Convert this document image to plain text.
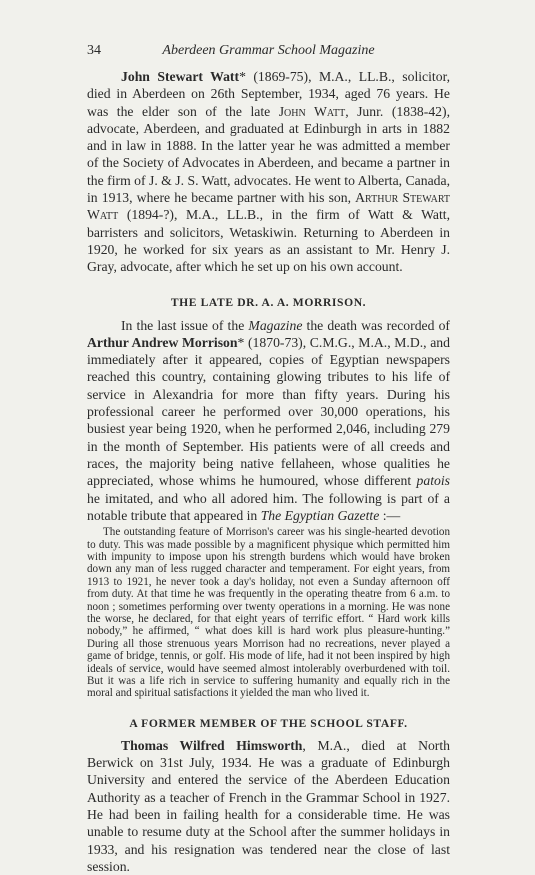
34	Aberdeen Grammar School Magazine

John Stewart Watt* (1869-75), M.A., LL.B., solicitor, died in Aberdeen on 26th September, 1934, aged 76 years. He was the elder son of the late John Watt, Junr. (1838-42), advocate, Aberdeen, and graduated at Edinburgh in arts in 1882 and in law in 1888. In the latter year he was admitted a member of the Society of Advocates in Aberdeen, and became a partner in the firm of J. & J. S. Watt, advocates. He went to Alberta, Canada, in 1913, where he became partner with his son, Arthur Stewart Watt (1894-?), M.A., LL.B., in the firm of Watt & Watt, barristers and solicitors, Wetaskiwin. Returning to Aberdeen in 1920, he worked for six years as an assistant to Mr. Henry J. Gray, advocate, after which he set up on his own account.

THE LATE DR. A. A. MORRISON.

In the last issue of the Magazine the death was recorded of Arthur Andrew Morrison* (1870-73), C.M.G., M.A., M.D., and immediately after it appeared, copies of Egyptian newspapers reached this country, containing glowing tributes to his life of service in Alexandria for more than fifty years. During his professional career he performed over 30,000 operations, his busiest year being 1920, when he performed 2,046, including 279 in the month of September. His patients were of all creeds and races, the majority being native fellaheen, whose qualities he appreciated, whose whims he humoured, whose different patois he imitated, and who all adored him. The following is part of a notable tribute that appeared in The Egyptian Gazette :—

The outstanding feature of Morrison's career was his single-hearted devotion to duty. This was made possible by a magnificent physique which permitted him with impunity to impose upon his strength burdens which would have broken down any man of less rugged character and temperament. For eight years, from 1913 to 1921, he never took a day's holiday, not even a Sunday afternoon off from duty. At that time he was frequently in the operating theatre from 6 a.m. to noon ; sometimes performing over twenty operations in a morning. He was none the worse, he declared, for that eight years of terrific effort. “ Hard work kills nobody,” he affirmed, “ what does kill is hard work plus pleasure-hunting.” During all those strenuous years Morrison had no recreations, never played a game of bridge, tennis, or golf. His mode of life, had it not been inspired by high ideals of service, would have seemed almost intolerably overburdened with toil. But it was a life rich in service to suffering humanity and equally rich in the moral and spiritual satisfactions it yielded the man who lived it.

A FORMER MEMBER OF THE SCHOOL STAFF.

Thomas Wilfred Himsworth, M.A., died at North Berwick on 31st July, 1934. He was a graduate of Edinburgh University and entered the service of the Aberdeen Education Authority as a teacher of French in the Grammar School in 1927. He had been in failing health for a considerable time. He was unable to resume duty at the School after the summer holidays in 1933, and his resignation was tendered near the close of last session.
